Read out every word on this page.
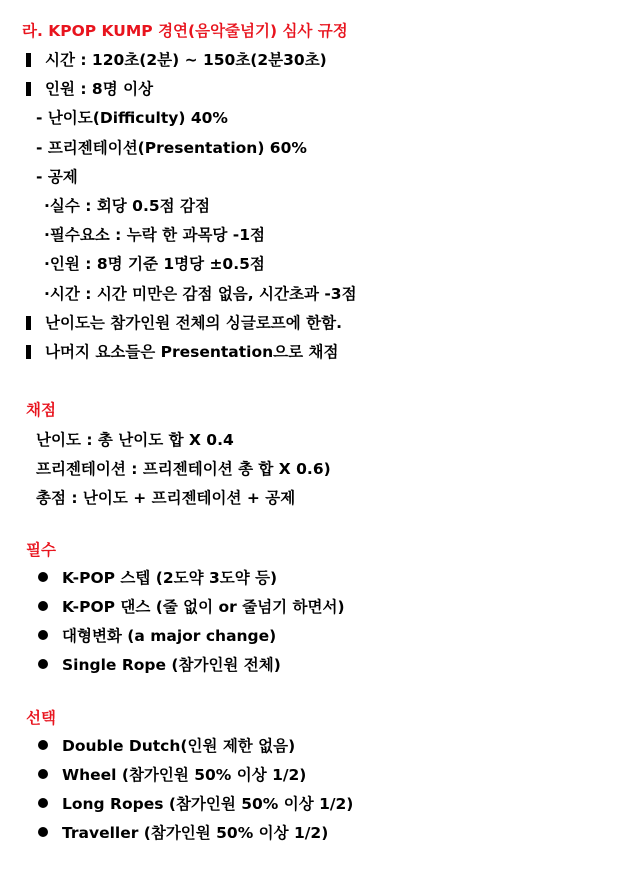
라. KPOP KUMP 경연(음악줄넘기) 심사 규정
시간 : 120초(2분) ~ 150초(2분30초)
인원 : 8명 이상
- 난이도(Difficulty) 40%
- 프리젠테이션(Presentation) 60%
- 공제
·실수 : 회당 0.5점 감점
·필수요소 : 누락 한 과목당 -1점
·인원 : 8명 기준 1명당 ±0.5점
·시간 : 시간 미만은 감점 없음, 시간초과 -3점
난이도는 참가인원 전체의 싱글로프에 한함.
나머지 요소들은 Presentation으로 채점
채점
난이도 : 총 난이도 합 X 0.4
프리젠테이션 : 프리젠테이션 총 합 X 0.6)
총점 : 난이도 + 프리젠테이션 + 공제
필수
K-POP 스텝 (2도약 3도약 등)
K-POP 댄스 (줄 없이 or 줄넘기 하면서)
대형변화 (a major change)
Single Rope (참가인원 전체)
선택
Double Dutch(인원 제한 없음)
Wheel (참가인원 50% 이상 1/2)
Long Ropes (참가인원 50% 이상 1/2)
Traveller (참가인원 50% 이상 1/2)
